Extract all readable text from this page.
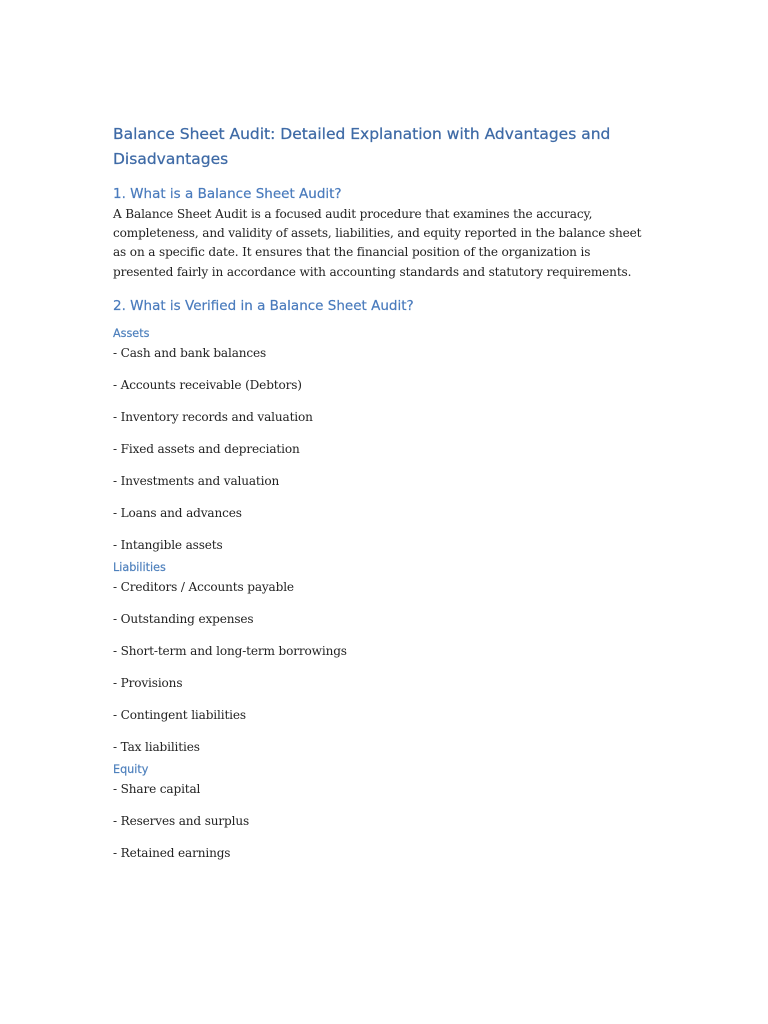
Balance Sheet Audit: Detailed Explanation with Advantages and Disadvantages
1. What is a Balance Sheet Audit?

A Balance Sheet Audit is a focused audit procedure that examines the accuracy, completeness, and validity of assets, liabilities, and equity reported in the balance sheet as on a specific date. It ensures that the financial position of the organization is presented fairly in accordance with accounting standards and statutory requirements.

2. What is Verified in a Balance Sheet Audit?
Assets
- Cash and bank balances
- Accounts receivable (Debtors)
- Inventory records and valuation
- Fixed assets and depreciation
- Investments and valuation
- Loans and advances
- Intangible assets
Liabilities
- Creditors / Accounts payable
- Outstanding expenses
- Short-term and long-term borrowings
- Provisions
- Contingent liabilities
- Tax liabilities
Equity
- Share capital
- Reserves and surplus
- Retained earnings
